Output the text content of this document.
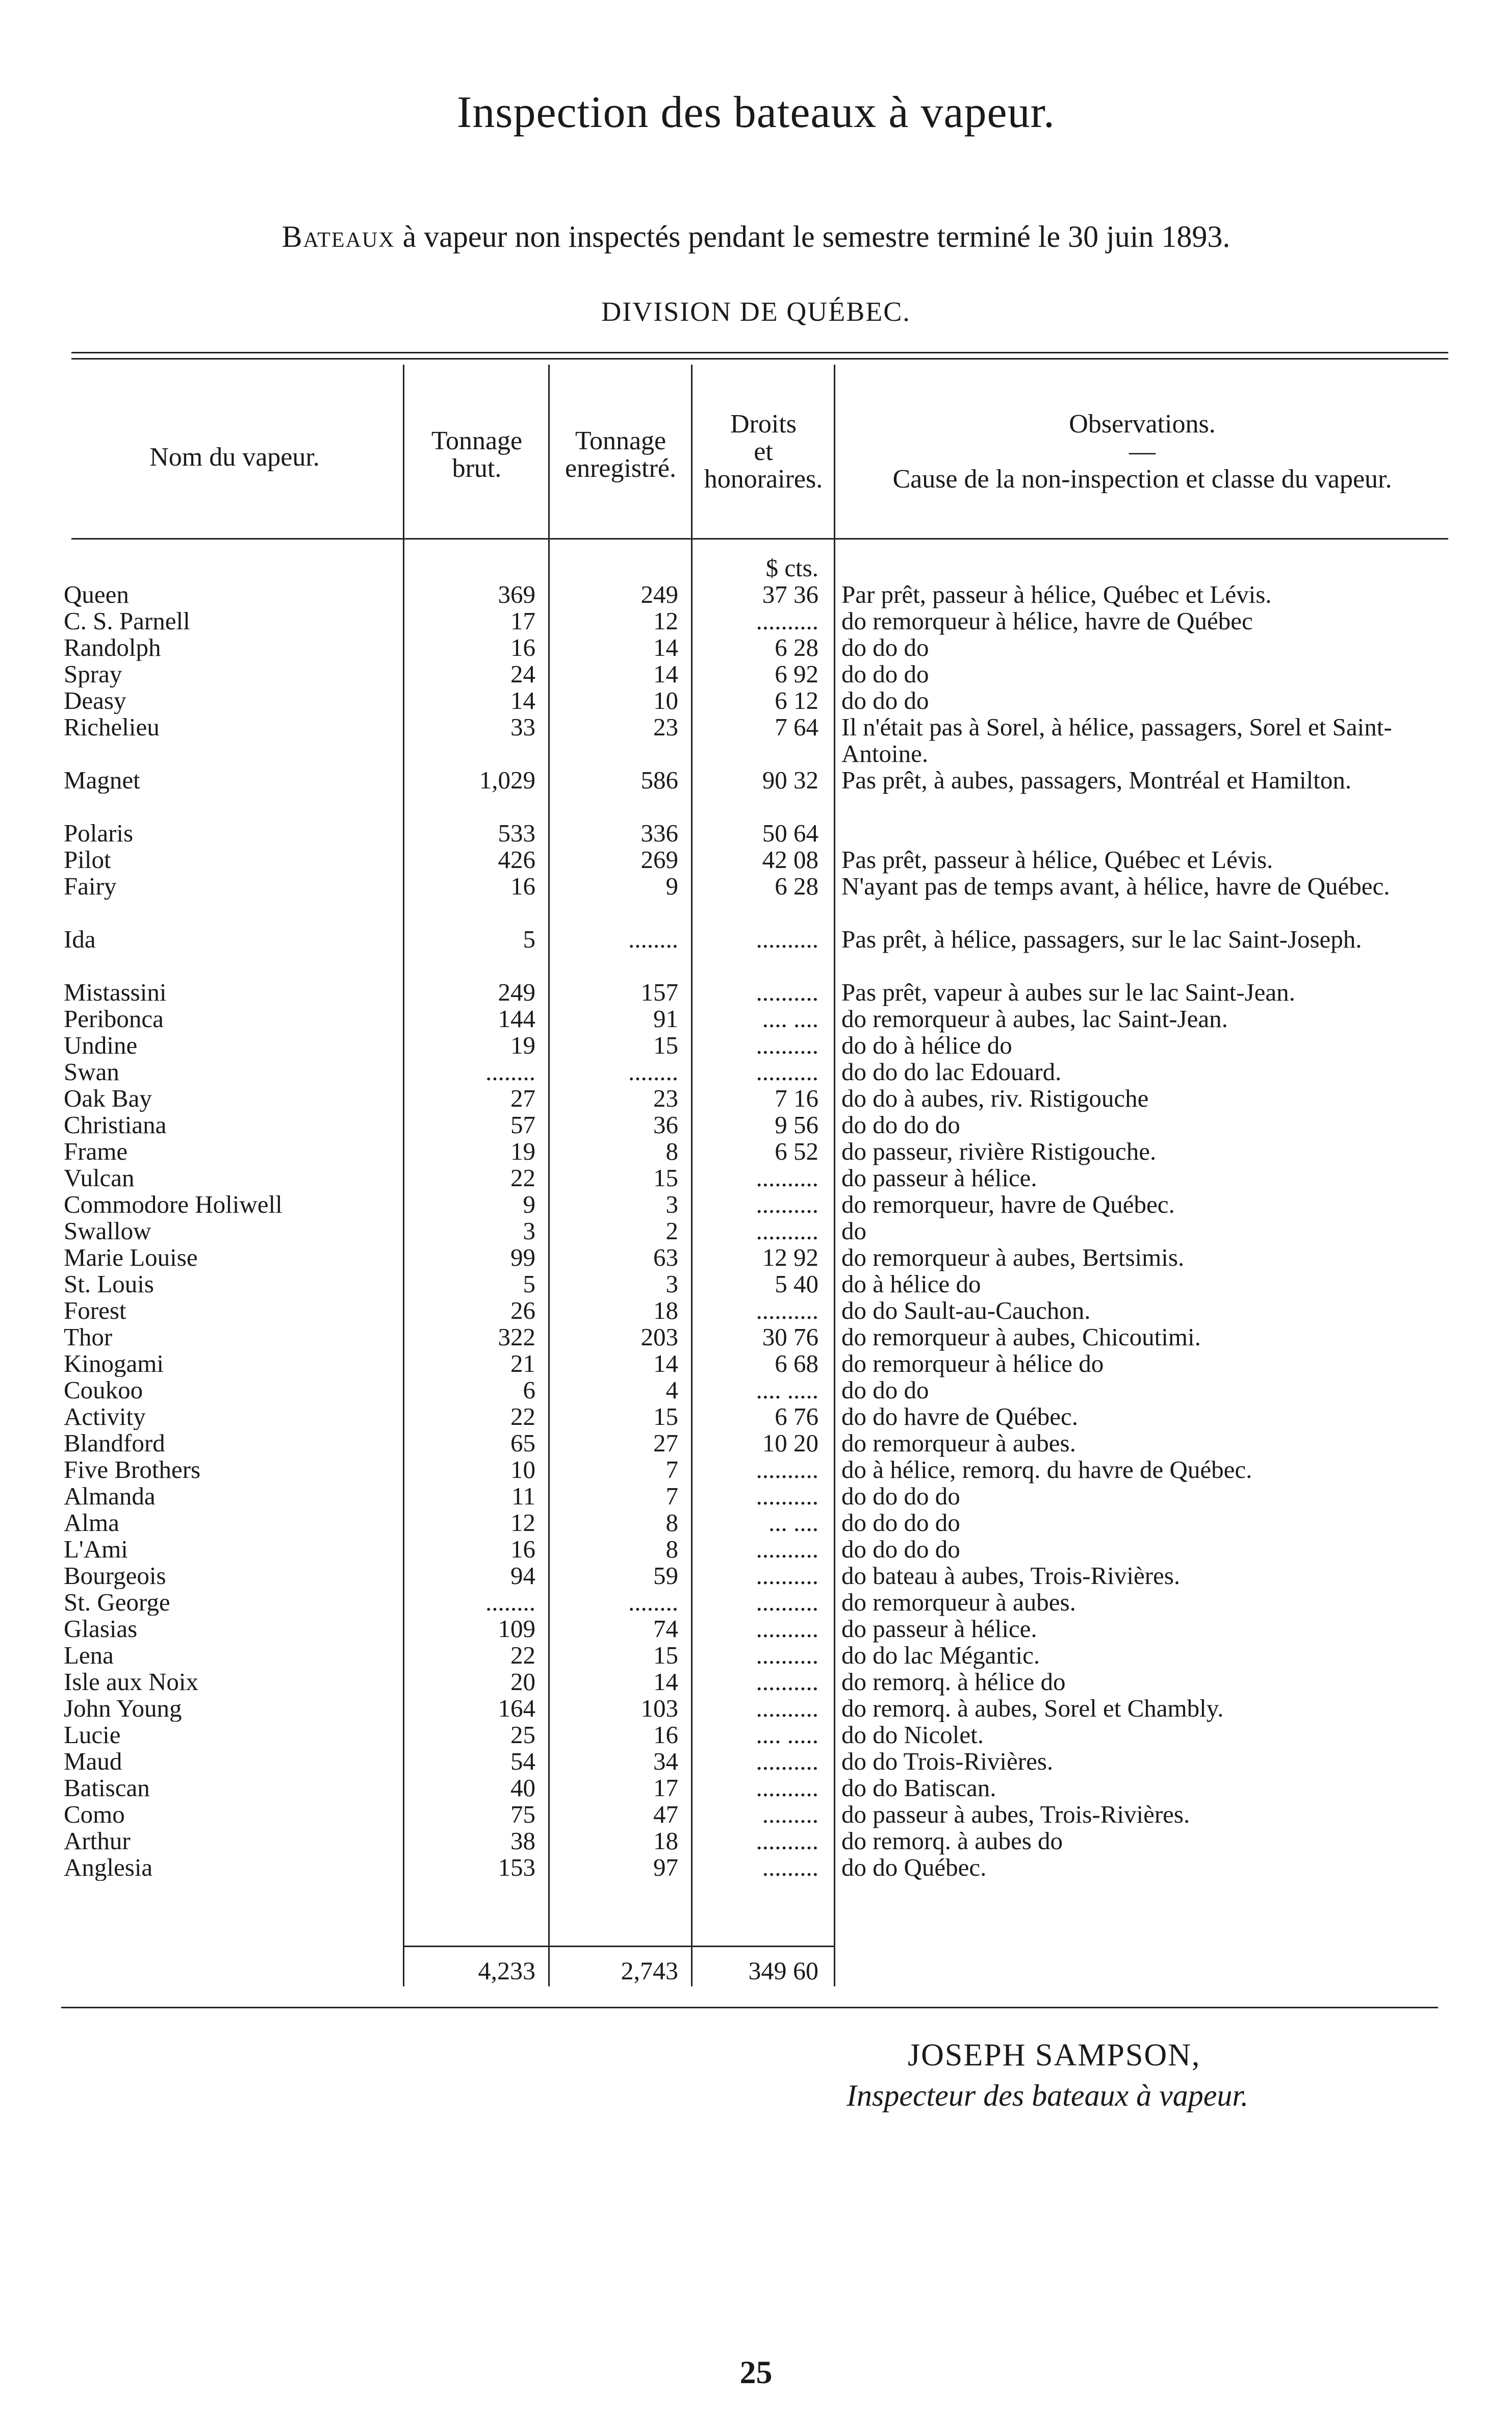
Inspection des bateaux à vapeur.
Bateaux à vapeur non inspectés pendant le semestre terminé le 30 juin 1893.
DIVISION DE QUÉBEC.
Nom du vapeur.
Tonnage
brut.
Tonnage
enregistré.
Droits
et
honoraires.
Observations.
—
Cause de la non-inspection et classe du vapeur.
$ cts.
Queen	369	249	37 36 Par prêt, passeur à hélice, Québec et Lévis.
C. S. Parnell	17	12	.......... do remorqueur à hélice, havre de Québec
Randolph	16	14	6 28 do do do
Spray	24	14	6 92 do do do
Deasy	14	10	6 12 do do do
Richelieu	33	23	7 64 Il n'était pas à Sorel, à hélice, passagers, Sorel et Saint-Antoine.
Magnet	1,029	586	90 32 Pas prêt, à aubes, passagers, Montréal et Hamilton.
Polaris	533	336	50 64
Pilot	426	269	42 08 Pas prêt, passeur à hélice, Québec et Lévis.
Fairy	16	9	6 28 N'ayant pas de temps avant, à hélice, havre de Québec.
Ida	5	........	.......... Pas prêt, à hélice, passagers, sur le lac Saint-Joseph.
Mistassini	249	157	.......... Pas prêt, vapeur à aubes sur le lac Saint-Jean.
Peribonca	144	91	.... .... do remorqueur à aubes, lac Saint-Jean.
Undine	19	15	.......... do do à hélice do
Swan	........	........	.......... do do do lac Edouard.
Oak Bay	27	23	7 16 do do à aubes, riv. Ristigouche
Christiana	57	36	9 56 do do do do
Frame	19	8	6 52 do passeur, rivière Ristigouche.
Vulcan	22	15	.......... do passeur à hélice.
Commodore Holiwell	9	3	.......... do remorqueur, havre de Québec.
Swallow	3	2	.......... do
Marie Louise	99	63	12 92 do remorqueur à aubes, Bertsimis.
St. Louis	5	3	5 40 do à hélice do
Forest	26	18	.......... do do Sault-au-Cauchon.
Thor	322	203	30 76 do remorqueur à aubes, Chicoutimi.
Kinogami	21	14	6 68 do remorqueur à hélice do
Coukoo	6	4	.... ..... do do do
Activity	22	15	6 76 do do havre de Québec.
Blandford	65	27	10 20 do remorqueur à aubes.
Five Brothers	10	7	.......... do à hélice, remorq. du havre de Québec.
Almanda	11	7	.......... do do do do
Alma	12	8	... .... do do do do
L'Ami	16	8	.......... do do do do
Bourgeois	94	59	.......... do bateau à aubes, Trois-Rivières.
St. George	........	........	.......... do remorqueur à aubes.
Glasias	109	74	.......... do passeur à hélice.
Lena	22	15	.......... do do lac Mégantic.
Isle aux Noix	20	14	.......... do remorq. à hélice do
John Young	164	103	.......... do remorq. à aubes, Sorel et Chambly.
Lucie	25	16	.... ..... do do Nicolet.
Maud	54	34	.......... do do Trois-Rivières.
Batiscan	40	17	.......... do do Batiscan.
Como	75	47	......... do passeur à aubes, Trois-Rivières.
Arthur	38	18	.......... do remorq. à aubes do
Anglesia	153	97	......... do do Québec.
4,233	2,743	349 60
JOSEPH SAMPSON,
Inspecteur des bateaux à vapeur.
25
